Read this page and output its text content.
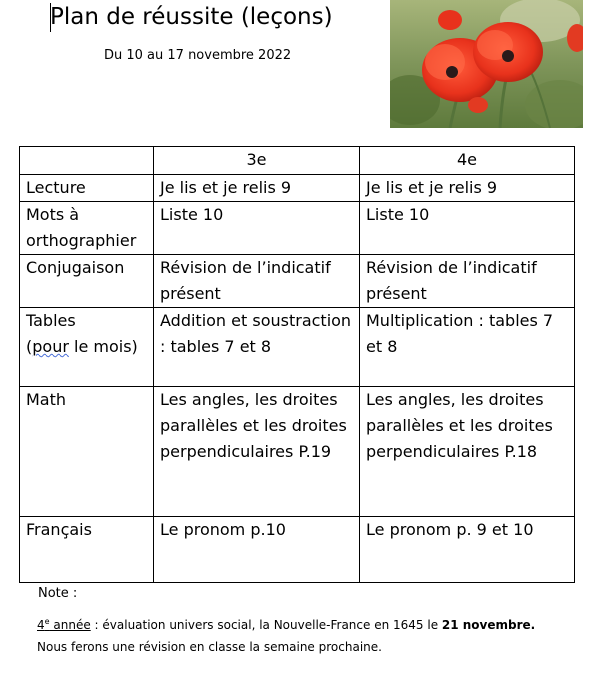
Plan de réussite (leçons)
Du 10 au 17 novembre 2022
	3e	4e
Lecture	Je lis et je relis 9	Je lis et je relis 9
Mots à orthographier	Liste 10	Liste 10
Conjugaison	Révision de l’indicatif présent	Révision de l’indicatif présent
Tables
(pour le mois)	Addition et soustraction : tables 7 et 8	Multiplication : tables 7 et 8
Math	Les angles, les droites parallèles et les droites perpendiculaires P.19	Les angles, les droites parallèles et les droites perpendiculaires P.18
Français	Le pronom p.10	Le pronom p. 9 et 10
Note :
4e année : évaluation univers social, la Nouvelle-France en 1645 le 21 novembre. Nous ferons une révision en classe la semaine prochaine.
